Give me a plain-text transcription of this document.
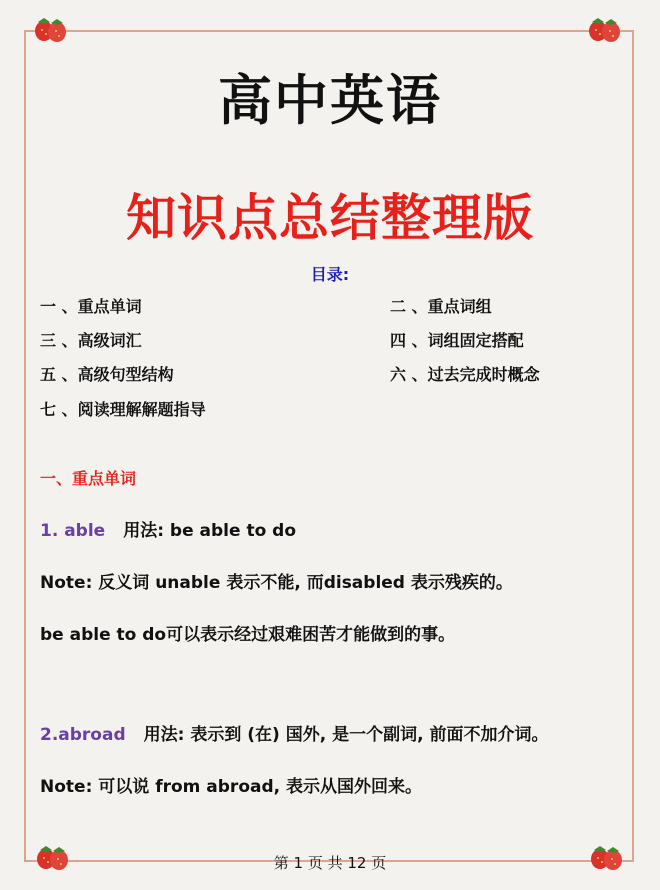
高中英语
知识点总结整理版
目录:
一 、重点单词	二 、重点词组
三 、高级词汇	四 、词组固定搭配
五 、高级句型结构	六 、过去完成时概念
七 、阅读理解解题指导
一、重点单词
1. able 用法: be able to do
Note: 反义词 unable 表示不能, 而disabled 表示残疾的。
be able to do可以表示经过艰难困苦才能做到的事。
2.abroad 用法: 表示到 (在) 国外, 是一个副词, 前面不加介词。
Note: 可以说 from abroad, 表示从国外回来。
第 1 页 共 12 页
